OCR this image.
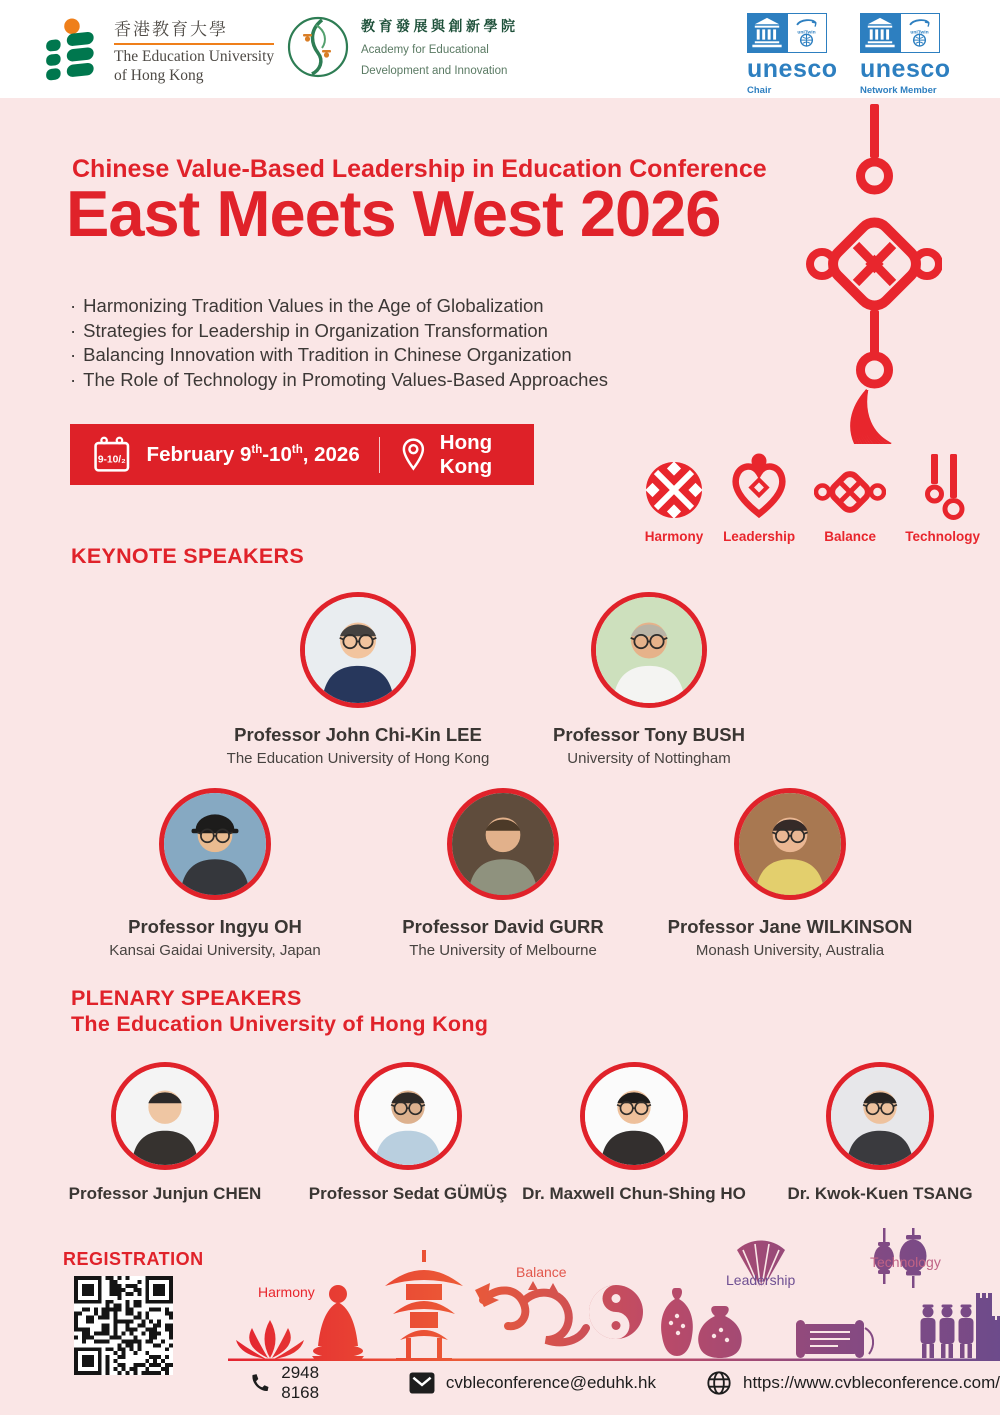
香港教育大學
The Education University
of Hong Kong
教育發展與創新學院
Academy for Educational
Development and Innovation
uniTwin
unesco
Chair
uniTwin
unesco
Network Member
Chinese Value-Based Leadership in Education Conference
East Meets West 2026
· Harmonizing Tradition Values in the Age of Globalization
· Strategies for Leadership in Organization Transformation
· Balancing Innovation with Tradition in Chinese Organization
· The Role of Technology in Promoting Values-Based Approaches
9-10/₂ February 9th-10th, 2026
Hong Kong
Harmony Leadership Balance Technology
KEYNOTE SPEAKERS
Professor John Chi-Kin LEE
The Education University of Hong Kong
Professor Tony BUSH
University of Nottingham
Professor Ingyu OH
Kansai Gaidai University, Japan
Professor David GURR
The University of Melbourne
Professor Jane WILKINSON
Monash University, Australia
PLENARY SPEAKERS
The Education University of Hong Kong
Professor Junjun CHEN	Professor Sedat GÜMÜŞ Dr. Maxwell Chun-Shing HO	Dr. Kwok-Kuen TSANG
REGISTRATION
Harmony
Balance	Leadership
Technology
2948 8168
cvbleconference@eduhk.hk	https://www.cvbleconference.com/
